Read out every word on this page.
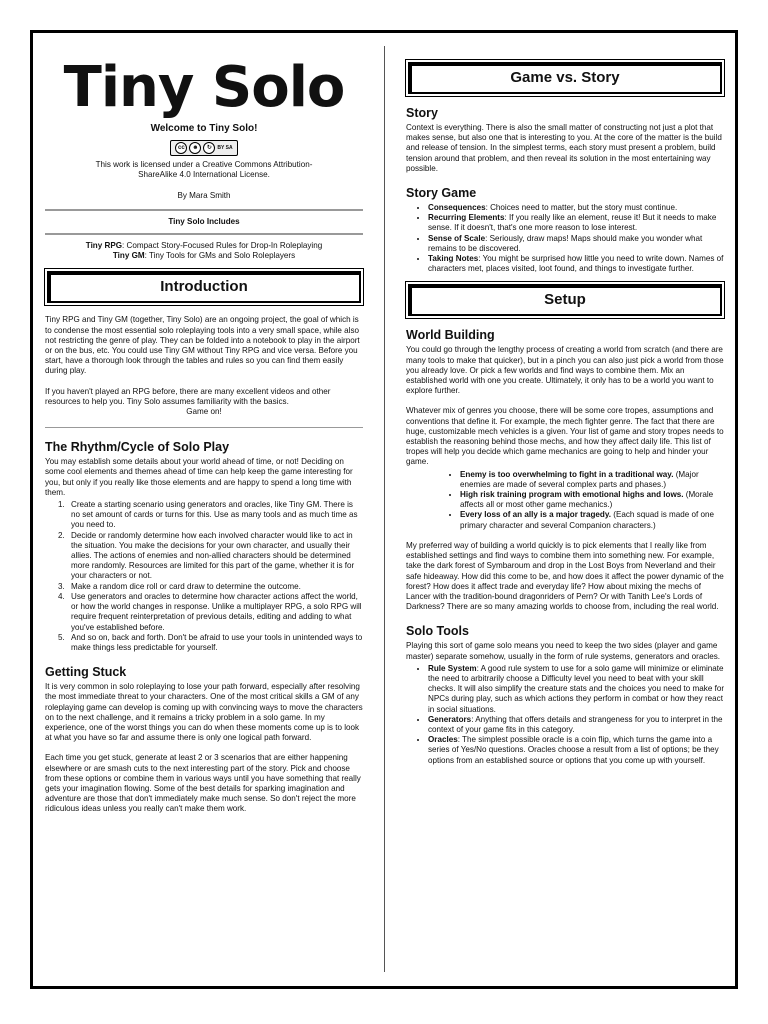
Tiny Solo
Welcome to Tiny Solo!
cc	☻	↻	BY SA
This work is licensed under a Creative Commons Attribution-ShareAlike 4.0 International License.
By Mara Smith
Tiny Solo Includes
Tiny RPG: Compact Story-Focused Rules for Drop-In Roleplaying
Tiny GM: Tiny Tools for GMs and Solo Roleplayers
Introduction

Tiny RPG and Tiny GM (together, Tiny Solo) are an ongoing project, the goal of which is to condense the most essential solo roleplaying tools into a very small space, while also not restricting the genre of play. They can be folded into a notebook to play in the airport or on the bus, etc. You could use Tiny GM without Tiny RPG and vice versa. Before you start, have a thorough look through the tables and rules so you can find them easily during play.

If you haven't played an RPG before, there are many excellent videos and other resources to help you. Tiny Solo assumes familiarity with the basics.

Game on!
The Rhythm/Cycle of Solo Play

You may establish some details about your world ahead of time, or not! Deciding on some cool elements and themes ahead of time can help keep the game interesting for you, but only if you really like those elements and are happy to spend a long time with them.

1. Create a starting scenario using generators and oracles, like Tiny GM. There is no set amount of cards or turns for this. Use as many tools and as much time as you need to.
2. Decide or randomly determine how each involved character would like to act in the situation. You make the decisions for your own character, and usually their allies. The actions of enemies and non-allied characters should be determined more randomly. Resources are limited for this part of the game, whether it is for your characters or not.
3. Make a random dice roll or card draw to determine the outcome.
4. Use generators and oracles to determine how character actions affect the world, or how the world changes in response. Unlike a multiplayer RPG, a solo RPG will require frequent reinterpretation of previous details, editing and adding to what you've established before.
5. And so on, back and forth. Don't be afraid to use your tools in unintended ways to make things less predictable for yourself.
Getting Stuck

It is very common in solo roleplaying to lose your path forward, especially after resolving the most immediate threat to your characters. One of the most critical skills a GM of any roleplaying game can develop is coming up with convincing ways to move the characters on to the next challenge, and it remains a tricky problem in a solo game. In my experience, one of the worst things you can do when these moments come up is to look at what you have so far and assume there is only one logical path forward.

Each time you get stuck, generate at least 2 or 3 scenarios that are either happening elsewhere or are smash cuts to the next interesting part of the story. Pick and choose from these options or combine them in various ways until you have something that really gets your imagination flowing. Some of the best details for sparking imagination and adventure are those that don't immediately make much sense. So don't reject the more ridiculous ideas unless you really can't make them work.

Game vs. Story
Story

Context is everything. There is also the small matter of constructing not just a plot that makes sense, but also one that is interesting to you. At the core of the matter is the build and release of tension. In the simplest terms, each story must present a problem, build tension around that problem, and then reveal its solution in the most entertaining way possible.

Story Game
• Consequences: Choices need to matter, but the story must continue.
• Recurring Elements: If you really like an element, reuse it! But it needs to make sense. If it doesn't, that's one more reason to lose interest.
• Sense of Scale: Seriously, draw maps! Maps should make you wonder what remains to be discovered.
• Taking Notes: You might be surprised how little you need to write down. Names of characters met, places visited, loot found, and things to investigate further.
Setup
World Building

You could go through the lengthy process of creating a world from scratch (and there are many tools to make that quicker), but in a pinch you can also just pick a world from those you already love. Or pick a few worlds and find ways to combine them. Mix an established world with one you create. Ultimately, it only has to be a world you want to explore further.

Whatever mix of genres you choose, there will be some core tropes, assumptions and conventions that define it. For example, the mech fighter genre. The fact that there are huge, customizable mech vehicles is a given. Your list of game and story tropes needs to establish the reasoning behind those mechs, and how they affect daily life. This list of tropes will help you decide which game mechanics are going to help and hinder your game.

• Enemy is too overwhelming to fight in a traditional way. (Major enemies are made of several complex parts and phases.)
• High risk training program with emotional highs and lows. (Morale affects all or most other game mechanics.)
• Every loss of an ally is a major tragedy. (Each squad is made of one primary character and several Companion characters.)

My preferred way of building a world quickly is to pick elements that I really like from established settings and find ways to combine them into something new. For example, take the dark forest of Symbaroum and drop in the Lost Boys from Neverland and their safe hideaway. How did this come to be, and how does it affect the power dynamic of the forest? How does it affect trade and everyday life? How about mixing the mechs of Lancer with the tradition-bound dragonriders of Pern? Or with Tanith Lee's Lords of Darkness? There are so many amazing worlds to choose from, including the real world.

Solo Tools

Playing this sort of game solo means you need to keep the two sides (player and game master) separate somehow, usually in the form of rule systems, generators and oracles.

• Rule System: A good rule system to use for a solo game will minimize or eliminate the need to arbitrarily choose a Difficulty level you need to beat with your skill checks. It will also simplify the creature stats and the choices you need to make for NPCs during play, such as which actions they perform in combat or how they react in social situations.
• Generators: Anything that offers details and strangeness for you to interpret in the context of your game fits in this category.
• Oracles: The simplest possible oracle is a coin flip, which turns the game into a series of Yes/No questions. Oracles choose a result from a list of options; be they options from an established source or options that you come up with yourself.
